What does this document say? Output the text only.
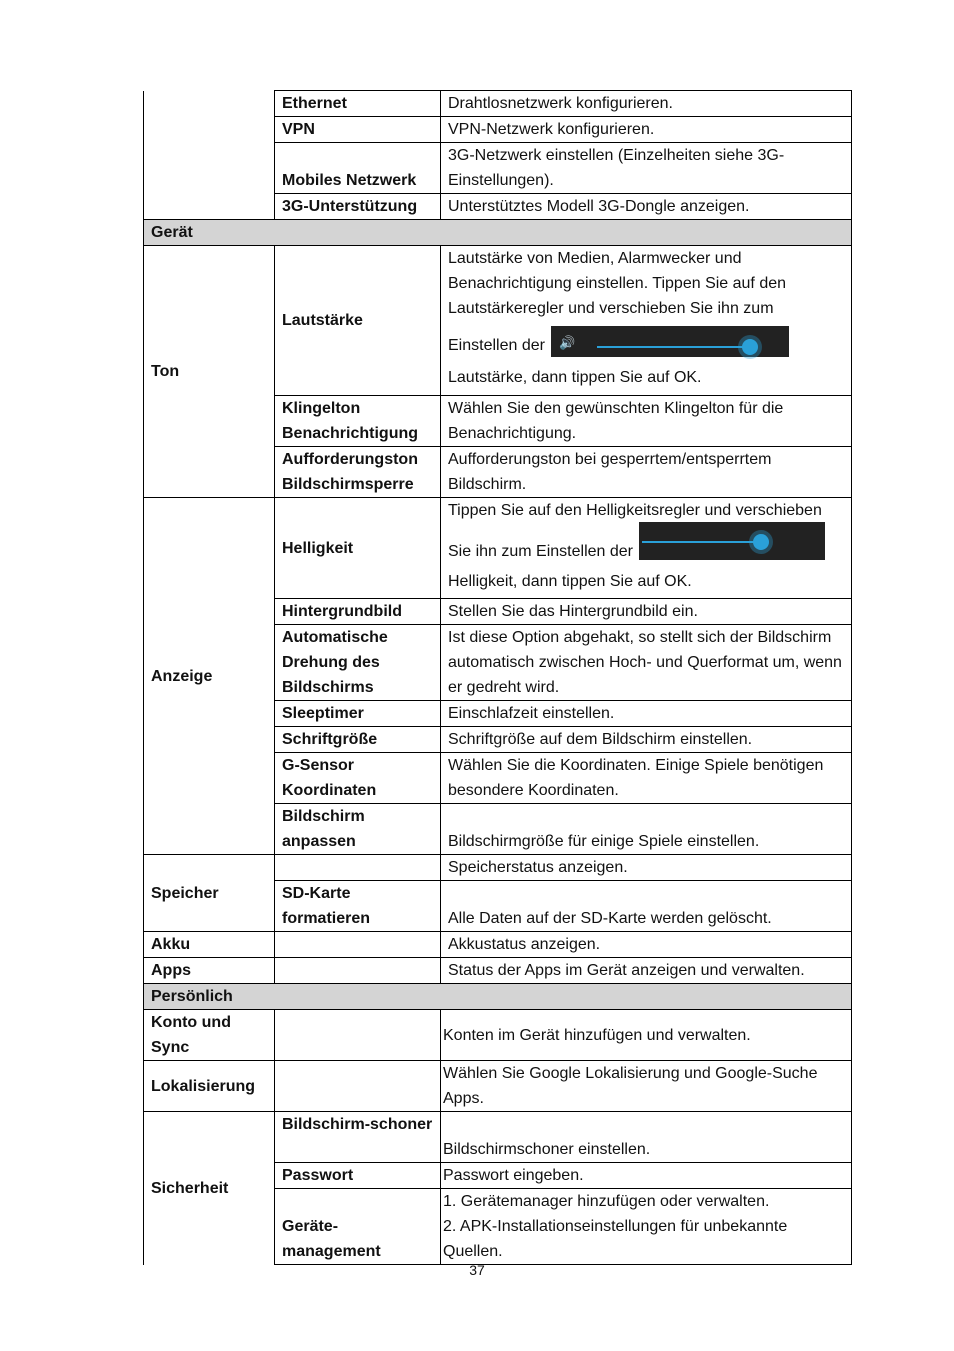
	Ethernet	Drahtlosnetzwerk konfigurieren.
	VPN	VPN-Netzwerk konfigurieren.
	Mobiles Netzwerk	3G-Netzwerk einstellen (Einzelheiten siehe 3G-Einstellungen).
	3G-Unterstützung	Unterstütztes Modell 3G-Dongle anzeigen.
Gerät		
Ton	Lautstärke	Lautstärke von Medien, Alarmwecker und Benachrichtigung einstellen. Tippen Sie auf den Lautstärkeregler und verschieben Sie ihn zum
Einstellen der 🔊
Lautstärke, dann tippen Sie auf OK.

	Klingelton Benachrichtigung	Wählen Sie den gewünschten Klingelton für die Benachrichtigung.
	Aufforderungston Bildschirmsperre	Aufforderungston bei gesperrtem/entsperrtem Bildschirm.
Anzeige	Helligkeit	Tippen Sie auf den Helligkeitsregler und verschieben
Sie ihn zum Einstellen der
Helligkeit, dann tippen Sie auf OK.

	Hintergrundbild	Stellen Sie das Hintergrundbild ein.
	Automatische Drehung des Bildschirms	Ist diese Option abgehakt, so stellt sich der Bildschirm automatisch zwischen Hoch- und Querformat um, wenn er gedreht wird.
	Sleeptimer	Einschlafzeit einstellen.
	Schriftgröße	Schriftgröße auf dem Bildschirm einstellen.
	G-Sensor Koordinaten	Wählen Sie die Koordinaten. Einige Spiele benötigen besondere Koordinaten.
	Bildschirm anpassen	Bildschirmgröße für einige Spiele einstellen.
Speicher		Speicherstatus anzeigen.
	SD-Karte formatieren	Alle Daten auf der SD-Karte werden gelöscht.
Akku		Akkustatus anzeigen.
Apps		Status der Apps im Gerät anzeigen und verwalten.
Persönlich		
Konto und Sync		Konten im Gerät hinzufügen und verwalten.
Lokalisierung		Wählen Sie Google Lokalisierung und Google-Suche Apps.
Sicherheit	Bildschirm-schoner	Bildschirmschoner einstellen.
	Passwort	Passwort eingeben.
	Geräte-management	1. Gerätemanager hinzufügen oder verwalten.
2. APK-Installationseinstellungen für unbekannte Quellen.
37
